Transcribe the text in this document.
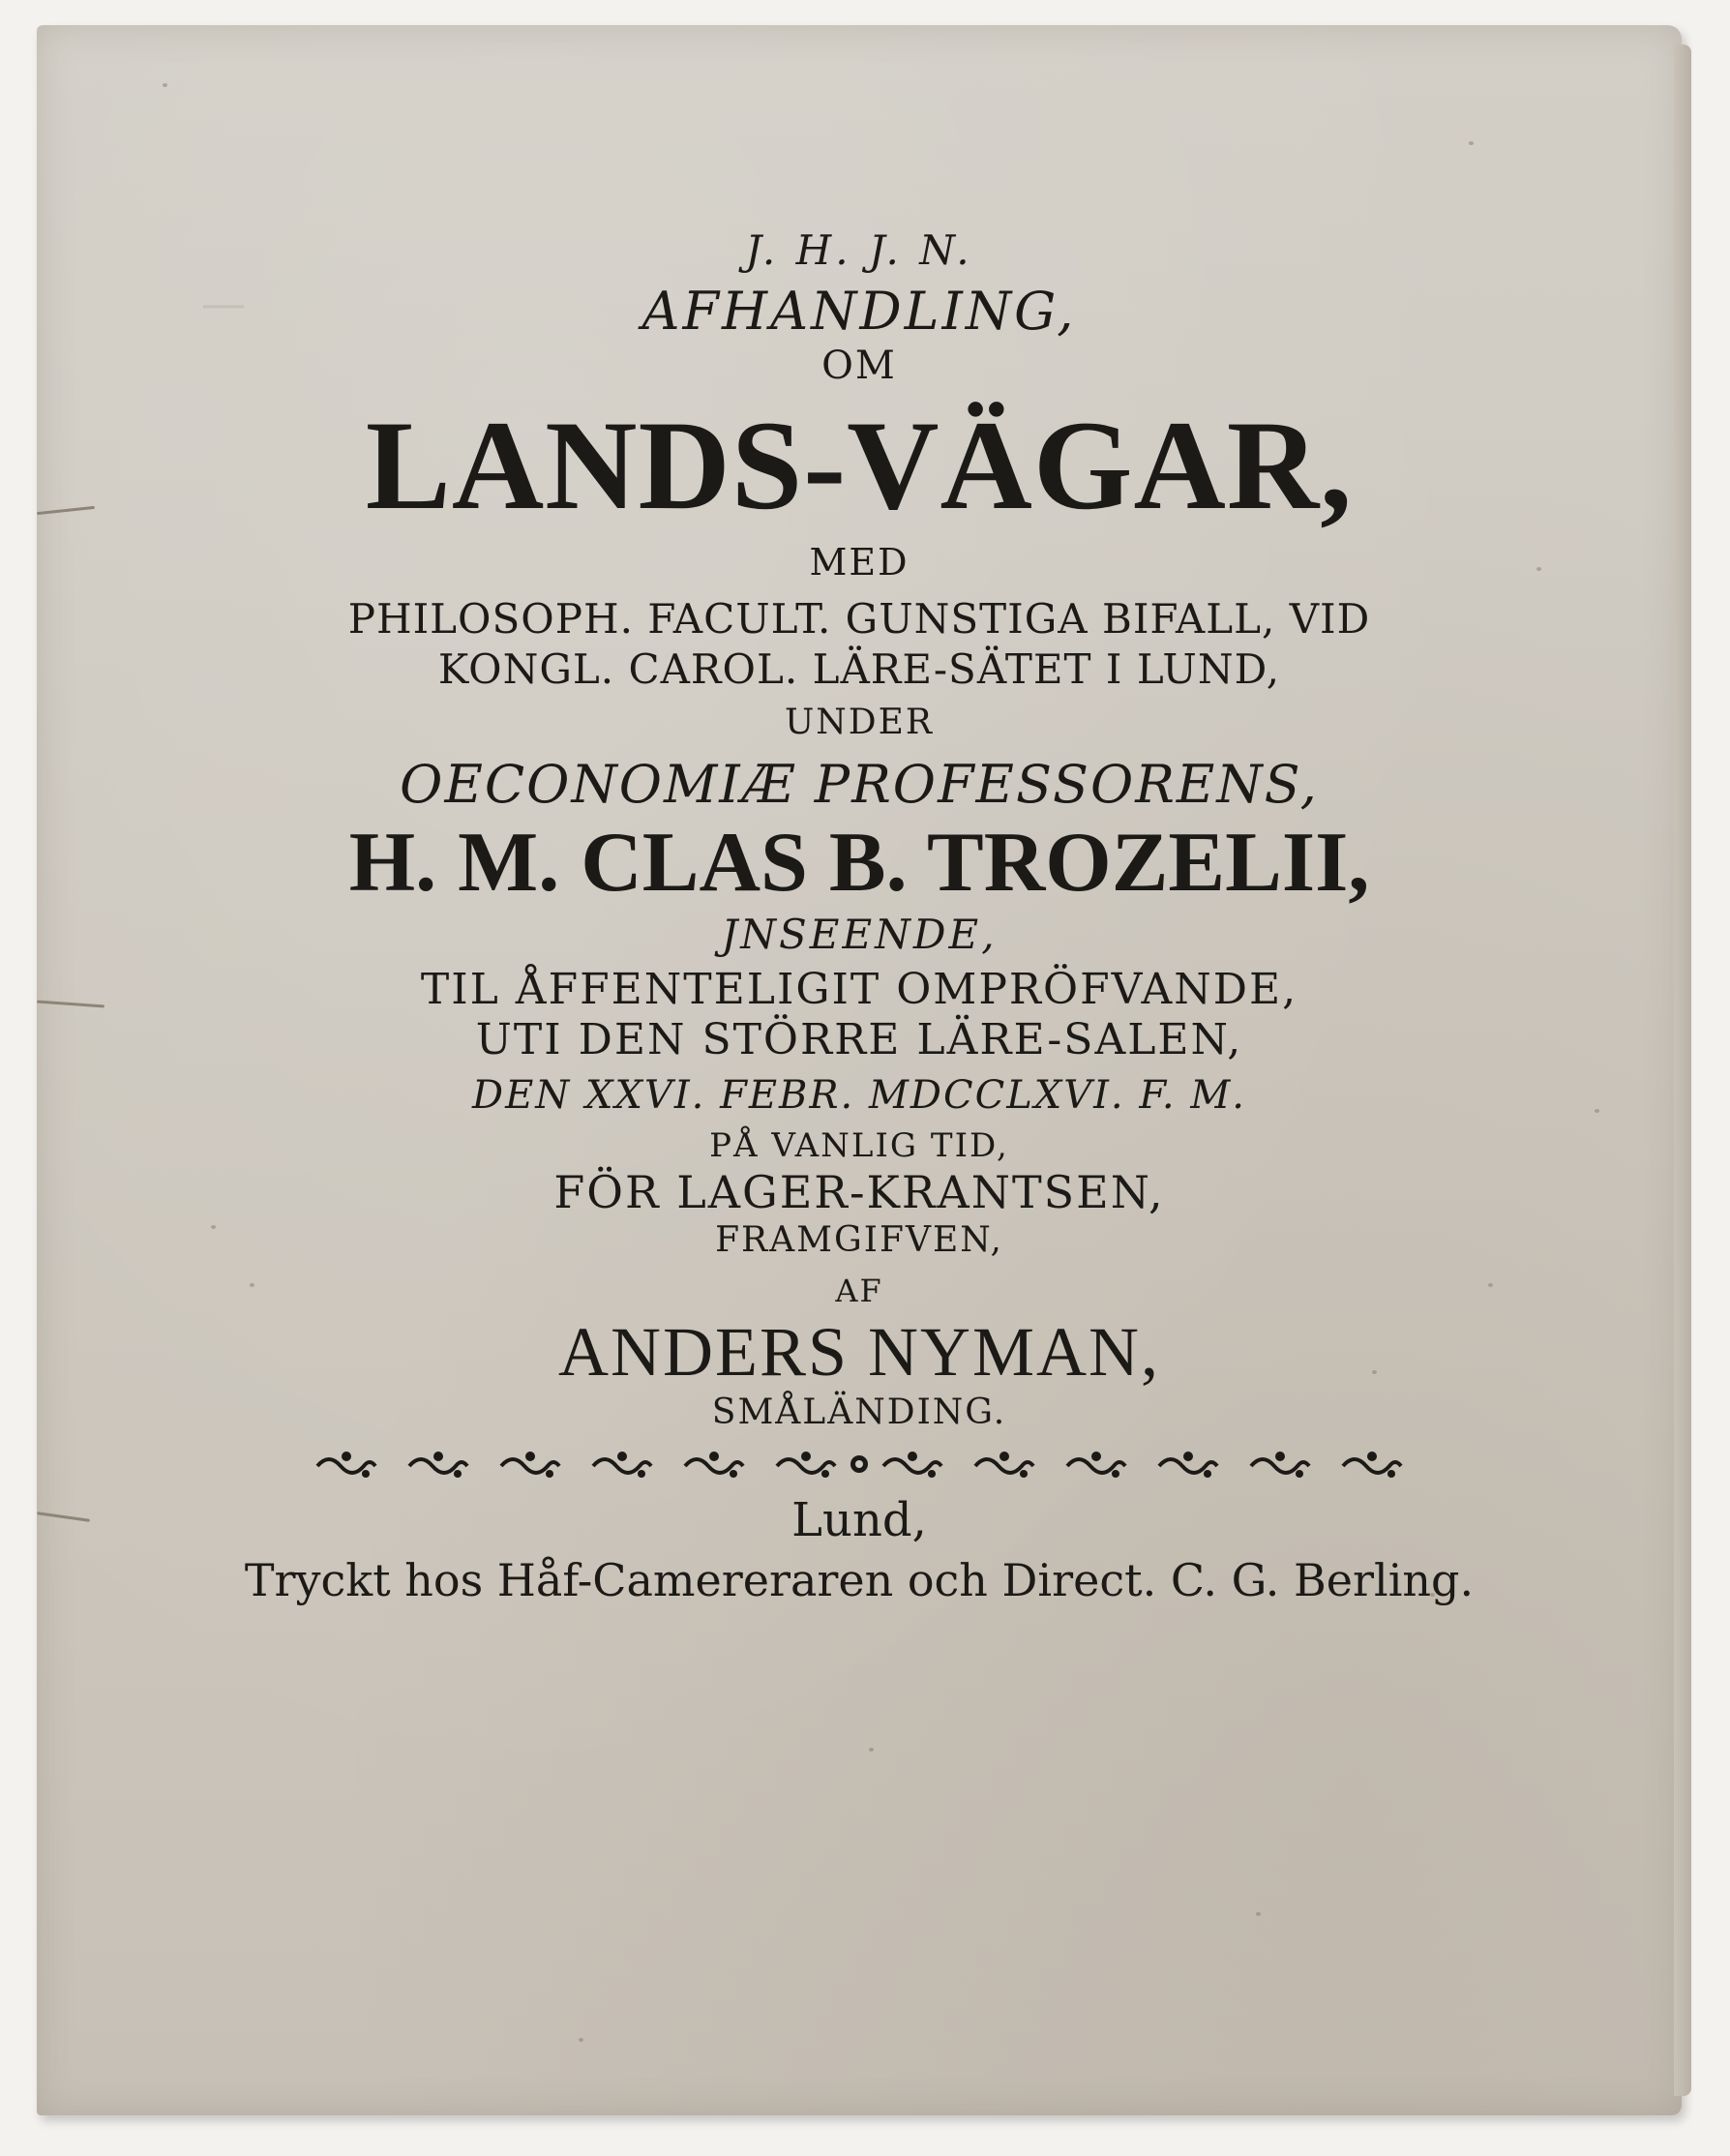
—
J. H. J. N.
AFHANDLING,
OM
LANDS-VÄGAR,
MED
PHILOSOPH. FACULT. GUNSTIGA BIFALL, VID
KONGL. CAROL. LÄRE-SÄTET I LUND,
UNDER
OECONOMIÆ PROFESSORENS,
H. M. CLAS B. TROZELII,
JNSEENDE,
TIL ÅFFENTELIGIT OMPRÖFVANDE,
UTI DEN STÖRRE LÄRE-SALEN,
DEN XXVI. FEBR. MDCCLXVI. F. M.
PÅ VANLIG TID,
FÖR LAGER-KRANTSEN,
FRAMGIFVEN,
AF
ANDERS NYMAN,
SMÅLÄNDING.
Lund,
Tryckt hos Håf-Camereraren och Direct. C. G. Berling.
